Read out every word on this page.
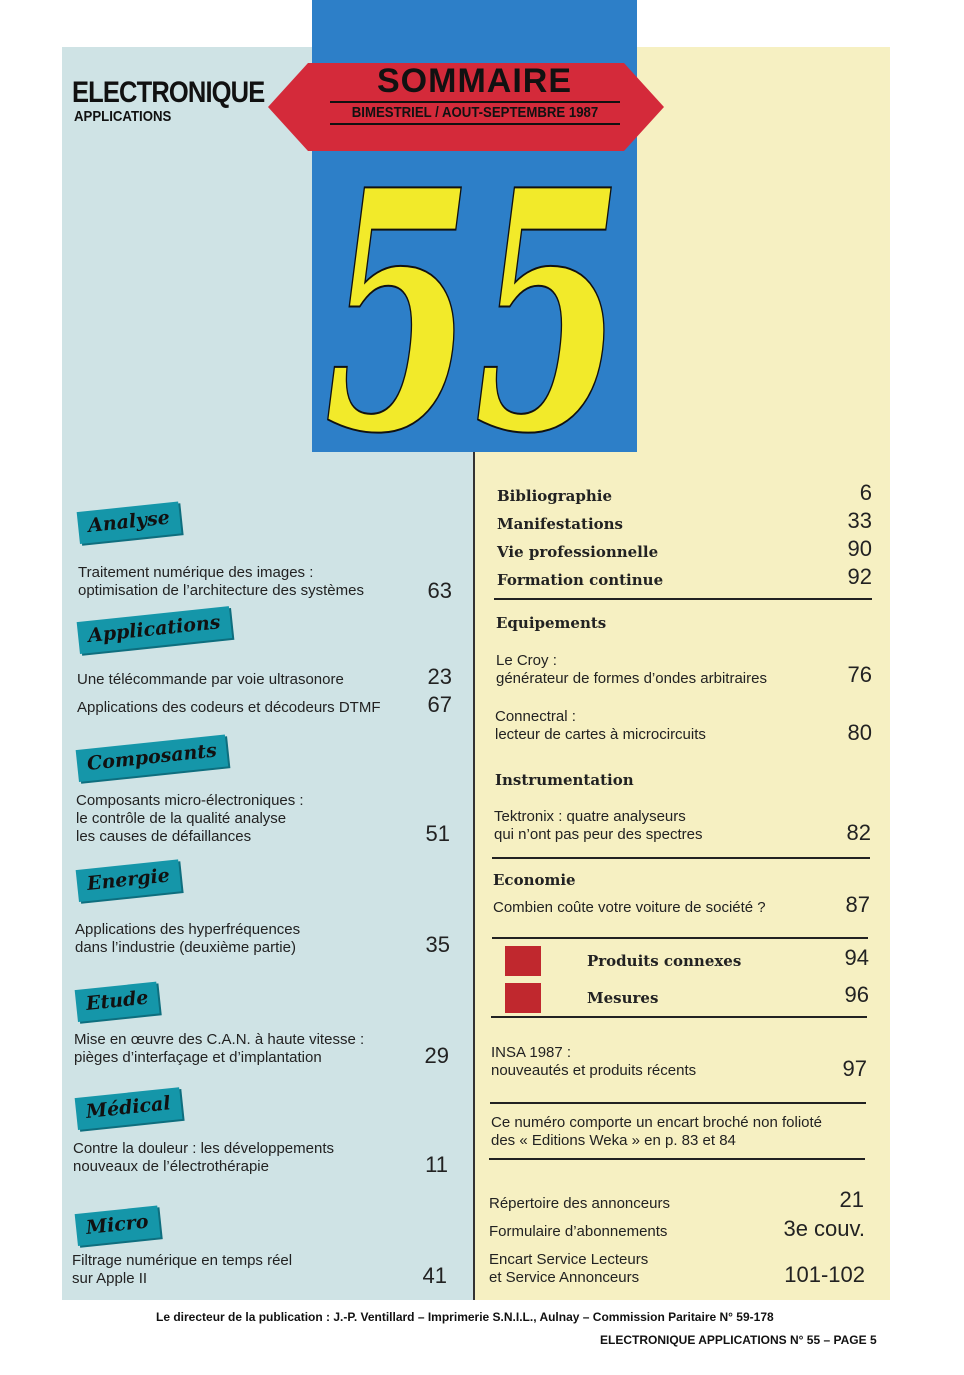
SOMMAIRE
BIMESTRIEL / AOUT-SEPTEMBRE 1987
ELECTRONIQUE
APPLICATIONS
55
Analyse
Traitement numérique des images :
optimisation de l’architecture des systèmes	63
Applications
Une télécommande par voie ultrasonore	23
Applications des codeurs et décodeurs DTMF	67
Composants
Composants micro-électroniques :
le contrôle de la qualité analyse
les causes de défaillances	51
Energie
Applications des hyperfréquences
dans l’industrie (deuxième partie)	35
Etude
Mise en œuvre des C.A.N. à haute vitesse :
pièges d’interfaçage et d’implantation	29
Médical
Contre la douleur : les développements
nouveaux de l’électrothérapie	11
Micro
Filtrage numérique en temps réel
sur Apple II	41
Bibliographie	6
Manifestations	33
Vie professionnelle	90
Formation continue	92
Equipements
Le Croy :
générateur de formes d’ondes arbitraires	76
Connectral :
lecteur de cartes à microcircuits	80
Instrumentation
Tektronix : quatre analyseurs
qui n’ont pas peur des spectres	82
Economie
Combien coûte votre voiture de société ?	87
Produits connexes	94
Mesures	96
INSA 1987 :
nouveautés et produits récents	97
Ce numéro comporte un encart broché non folioté
des « Editions Weka » en p. 83 et 84
Répertoire des annonceurs	21
Formulaire d’abonnements	3e couv.
Encart Service Lecteurs
et Service Annonceurs	101-102
Le directeur de la publication : J.-P. Ventillard – Imprimerie S.N.I.L., Aulnay – Commission Paritaire N° 59-178
ELECTRONIQUE APPLICATIONS N° 55 – PAGE 5
